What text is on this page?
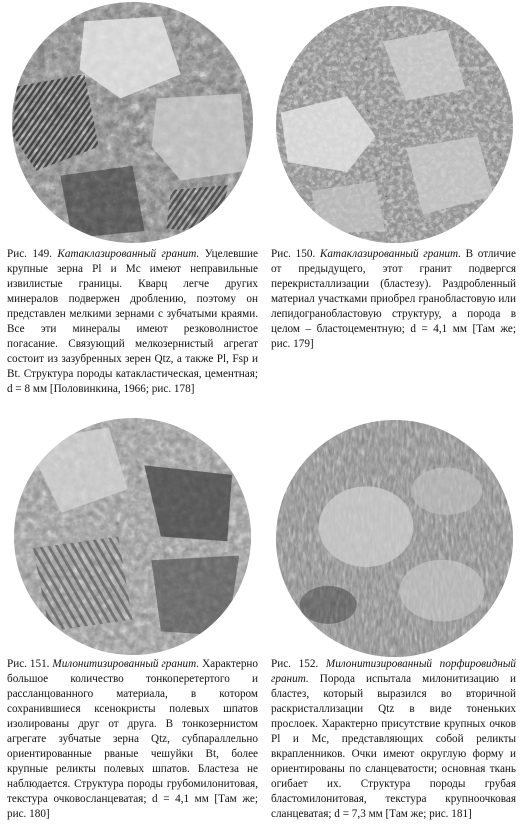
Рис. 149. Катаклазированный гранит. Уцелевшие крупные зерна Pl и Mc имеют неправильные извилистые границы. Кварц легче других минералов подвержен дроблению, поэтому он представлен мелкими зернами с зубчатыми краями. Все эти минералы имеют резковолнистое погасание. Связующий мелкозернистый агрегат состоит из зазубренных зерен Qtz, а также Pl, Fsp и Bt. Структура породы катакластическая, цементная; d = 8 мм [Половинкина, 1966; рис. 178]
Рис. 150. Катаклазированный гранит. В отличие от предыдущего, этот гранит подвергся перекристаллизации (бластезу). Раздробленный материал участками приобрел гранобластовую или лепидогранобластовую структуру, а порода в целом – бластоцементную; d = 4,1 мм [Там же; рис. 179]
Рис. 151. Милонитизированный гранит. Характерно большое количество тонкоперетертого и рассланцованного материала, в котором сохранившиеся ксенокристы полевых шпатов изолированы друг от друга. В тонкозернистом агрегате зубчатые зерна Qtz, субпараллельно ориентированные рваные чешуйки Bt, более крупные реликты полевых шпатов. Бластеза не наблюдается. Структура породы грубомилонитовая, текстура очковосланцеватая; d = 4,1 мм [Там же; рис. 180]
Рис. 152. Милонитизированный порфировидный гранит. Порода испытала милонитизацию и бластез, который выразился во вторичной раскристаллизации Qtz в виде тоненьких прослоек. Характерно присутствие крупных очков Pl и Mc, представляющих собой реликты вкрапленников. Очки имеют округлую форму и ориентированы по сланцеватости; основная ткань огибает их. Структура породы грубая бластомилонитовая, текстура крупноочковая сланцеватая; d = 7,3 мм [Там же; рис. 181]
